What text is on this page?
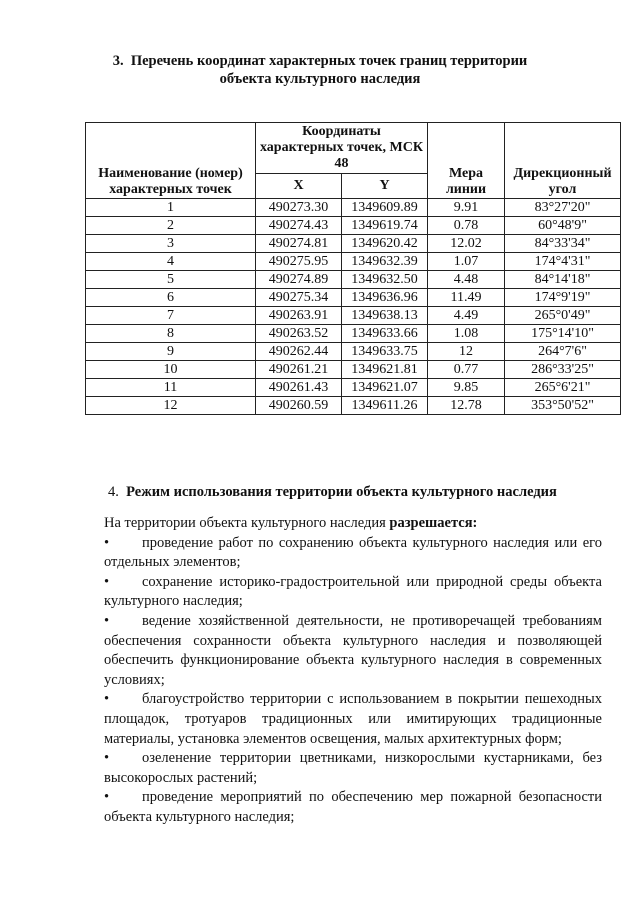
3. Перечень координат характерных точек границ территории
объекта культурного наследия
Наименование (номер) характерных точек	Координаты характерных точек, МСК 48		Мера линии	Дирекционный угол
	X	Y		
1	490273.30	1349609.89	9.91	83°27'20"
2	490274.43	1349619.74	0.78	60°48'9"
3	490274.81	1349620.42	12.02	84°33'34"
4	490275.95	1349632.39	1.07	174°4'31"
5	490274.89	1349632.50	4.48	84°14'18"
6	490275.34	1349636.96	11.49	174°9'19"
7	490263.91	1349638.13	4.49	265°0'49"
8	490263.52	1349633.66	1.08	175°14'10"
9	490262.44	1349633.75	12	264°7'6"
10	490261.21	1349621.81	0.77	286°33'25"
11	490261.43	1349621.07	9.85	265°6'21"
12	490260.59	1349611.26	12.78	353°50'52"

4. Режим использования территории объекта культурного наследия

На территории объекта культурного наследия разрешается:

• проведение работ по сохранению объекта культурного наследия или его отдельных элементов;

• сохранение историко-градостроительной или природной среды объекта культурного наследия;

• ведение хозяйственной деятельности, не противоречащей требованиям обеспечения сохранности объекта культурного наследия и позволяющей обеспечить функционирование объекта культурного наследия в современных условиях;

• благоустройство территории с использованием в покрытии пешеходных площадок, тротуаров традиционных или имитирующих традиционные материалы, установка элементов освещения, малых архитектурных форм;

• озеленение территории цветниками, низкорослыми кустарниками, без высокорослых растений;

• проведение мероприятий по обеспечению мер пожарной безопасности объекта культурного наследия;
